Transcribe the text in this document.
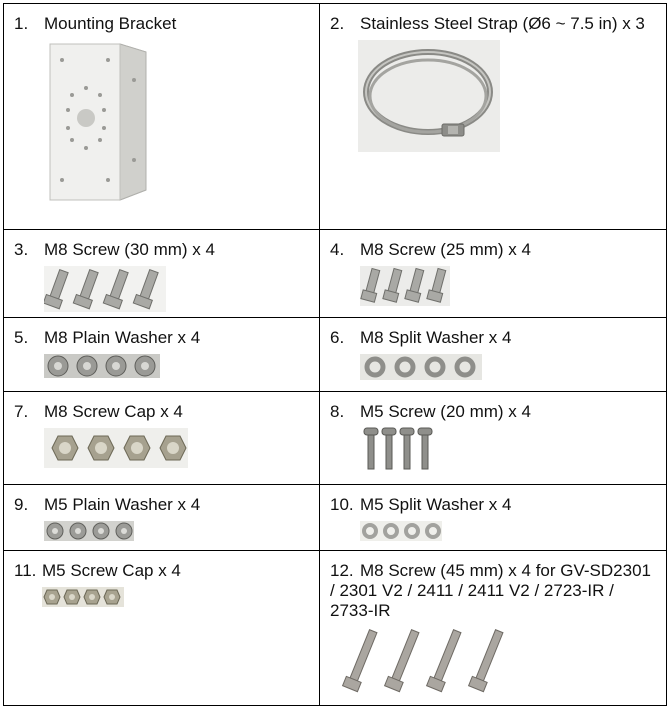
1. Mounting Bracket	2. Stainless Steel Strap (Ø6 ~ 7.5 in) x 3

3. M8 Screw (30 mm) x 4	4. M8 Screw (25 mm) x 4

5. M8 Plain Washer x 4	6. M8 Split Washer x 4

7. M8 Screw Cap x 4	8. M5 Screw (20 mm) x 4

9. M5 Plain Washer x 4	10. M5 Split Washer x 4

11. M5 Screw Cap x 4	12. M8 Screw (45 mm) x 4 for GV-SD2301 / 2301 V2 / 2411 / 2411 V2 / 2723-IR / 2733-IR
